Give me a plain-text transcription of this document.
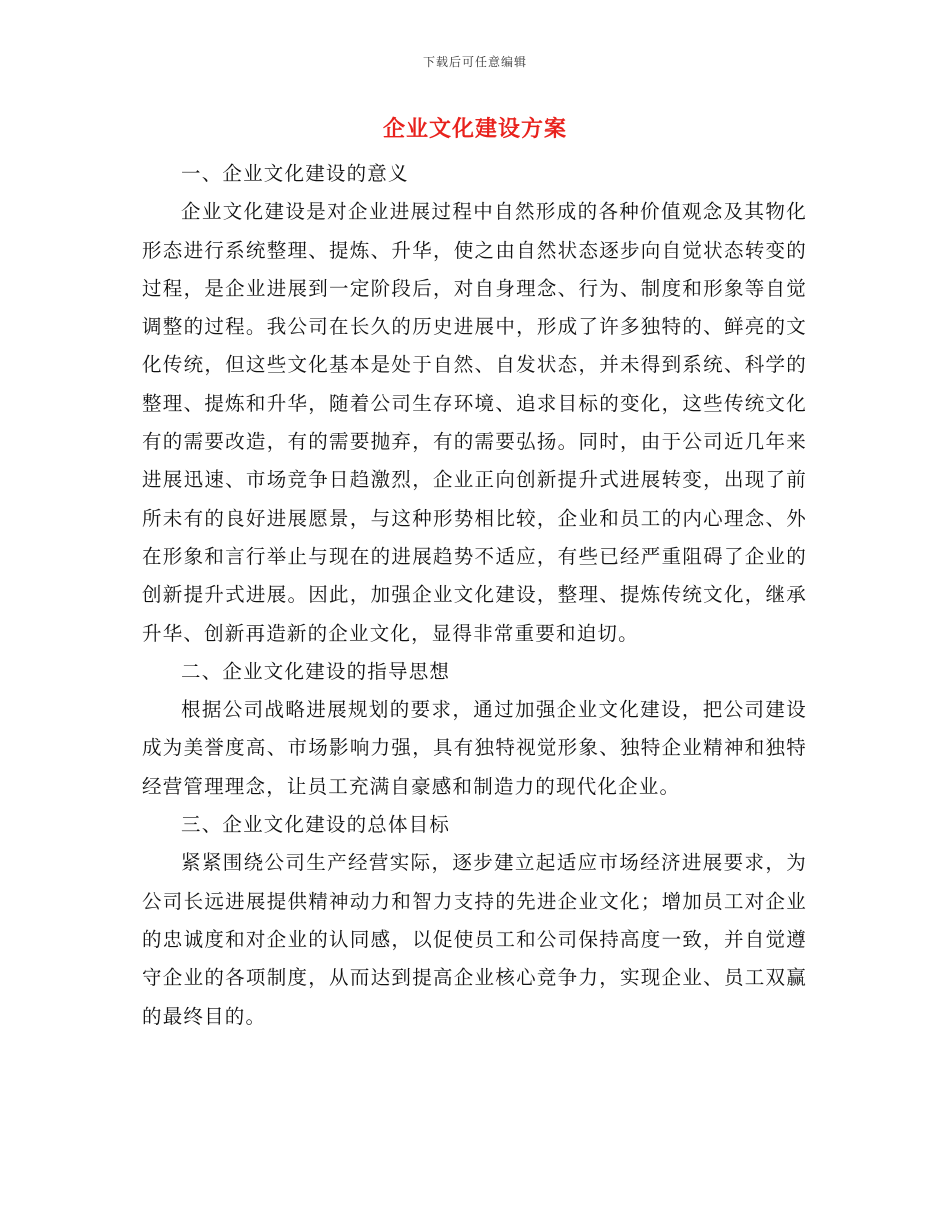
下载后可任意编辑
企业文化建设方案

一、企业文化建设的意义

企业文化建设是对企业进展过程中自然形成的各种价值观念及其物化形态进行系统整理、提炼、升华，使之由自然状态逐步向自觉状态转变的过程，是企业进展到一定阶段后，对自身理念、行为、制度和形象等自觉调整的过程。我公司在长久的历史进展中，形成了许多独特的、鲜亮的文化传统，但这些文化基本是处于自然、自发状态，并未得到系统、科学的整理、提炼和升华，随着公司生存环境、追求目标的变化，这些传统文化有的需要改造，有的需要抛弃，有的需要弘扬。同时，由于公司近几年来进展迅速、市场竞争日趋激烈，企业正向创新提升式进展转变，出现了前所未有的良好进展愿景，与这种形势相比较，企业和员工的内心理念、外在形象和言行举止与现在的进展趋势不适应，有些已经严重阻碍了企业的创新提升式进展。因此，加强企业文化建设，整理、提炼传统文化，继承升华、创新再造新的企业文化，显得非常重要和迫切。

二、企业文化建设的指导思想

根据公司战略进展规划的要求，通过加强企业文化建设，把公司建设成为美誉度高、市场影响力强，具有独特视觉形象、独特企业精神和独特经营管理理念，让员工充满自豪感和制造力的现代化企业。

三、企业文化建设的总体目标

紧紧围绕公司生产经营实际，逐步建立起适应市场经济进展要求，为公司长远进展提供精神动力和智力支持的先进企业文化；增加员工对企业的忠诚度和对企业的认同感，以促使员工和公司保持高度一致，并自觉遵守企业的各项制度，从而达到提高企业核心竞争力，实现企业、员工双赢的最终目的。
